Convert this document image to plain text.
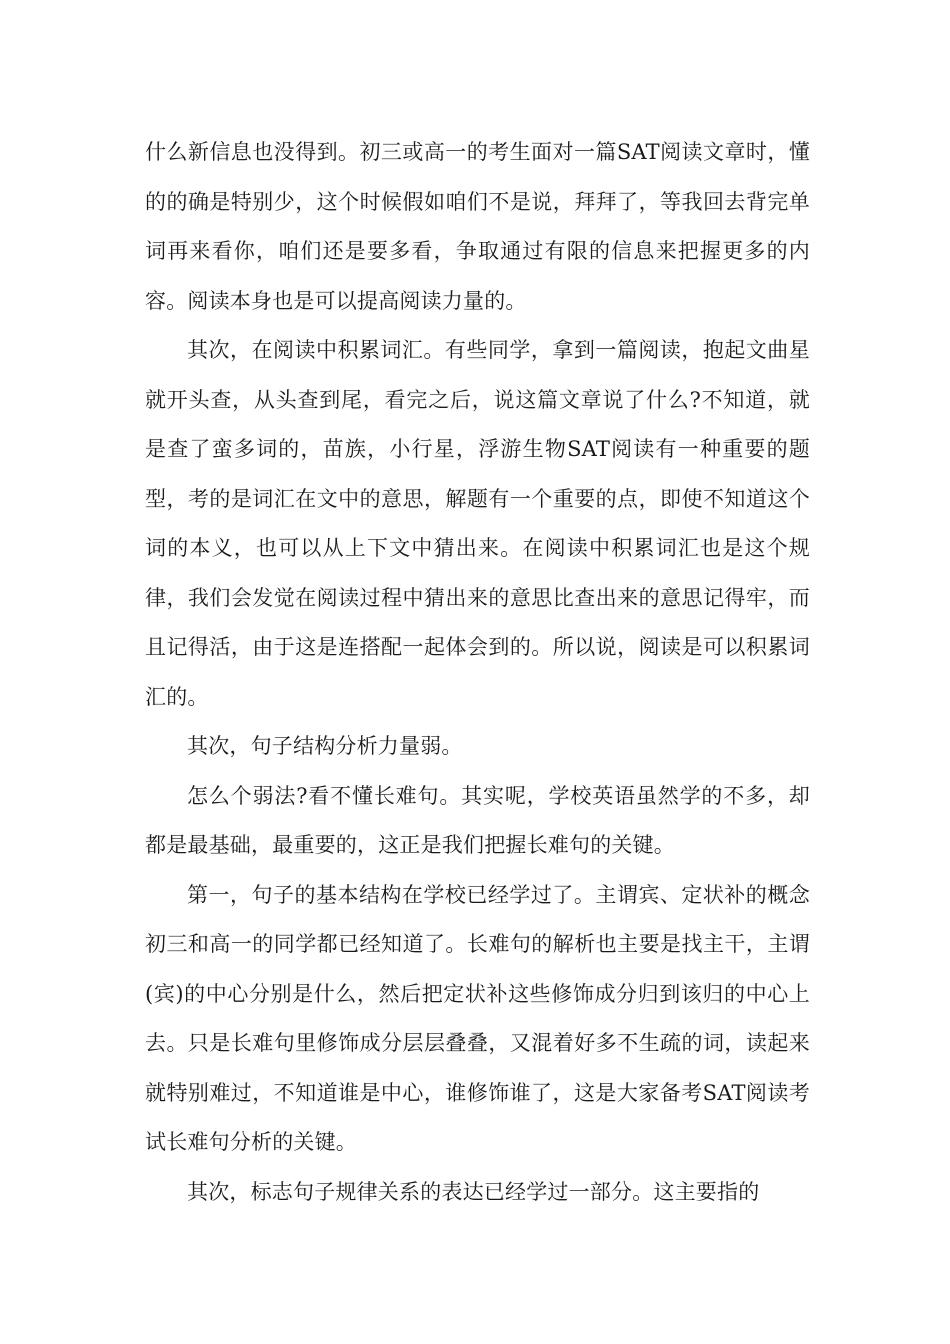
什么新信息也没得到。初三或高一的考生面对一篇SAT阅读文章时，懂的的确是特别少，这个时候假如咱们不是说，拜拜了，等我回去背完单词再来看你，咱们还是要多看，争取通过有限的信息来把握更多的内容。阅读本身也是可以提高阅读力量的。

其次，在阅读中积累词汇。有些同学，拿到一篇阅读，抱起文曲星就开头查，从头查到尾，看完之后，说这篇文章说了什么?不知道，就是查了蛮多词的，苗族，小行星，浮游生物SAT阅读有一种重要的题型，考的是词汇在文中的意思，解题有一个重要的点，即使不知道这个词的本义，也可以从上下文中猜出来。在阅读中积累词汇也是这个规律，我们会发觉在阅读过程中猜出来的意思比查出来的意思记得牢，而且记得活，由于这是连搭配一起体会到的。所以说，阅读是可以积累词汇的。

其次，句子结构分析力量弱。

怎么个弱法?看不懂长难句。其实呢，学校英语虽然学的不多，却都是最基础，最重要的，这正是我们把握长难句的关键。

第一，句子的基本结构在学校已经学过了。主谓宾、定状补的概念初三和高一的同学都已经知道了。长难句的解析也主要是找主干，主谓(宾)的中心分别是什么，然后把定状补这些修饰成分归到该归的中心上去。只是长难句里修饰成分层层叠叠，又混着好多不生疏的词，读起来就特别难过，不知道谁是中心，谁修饰谁了，这是大家备考SAT阅读考试长难句分析的关键。

其次，标志句子规律关系的表达已经学过一部分。这主要指的
